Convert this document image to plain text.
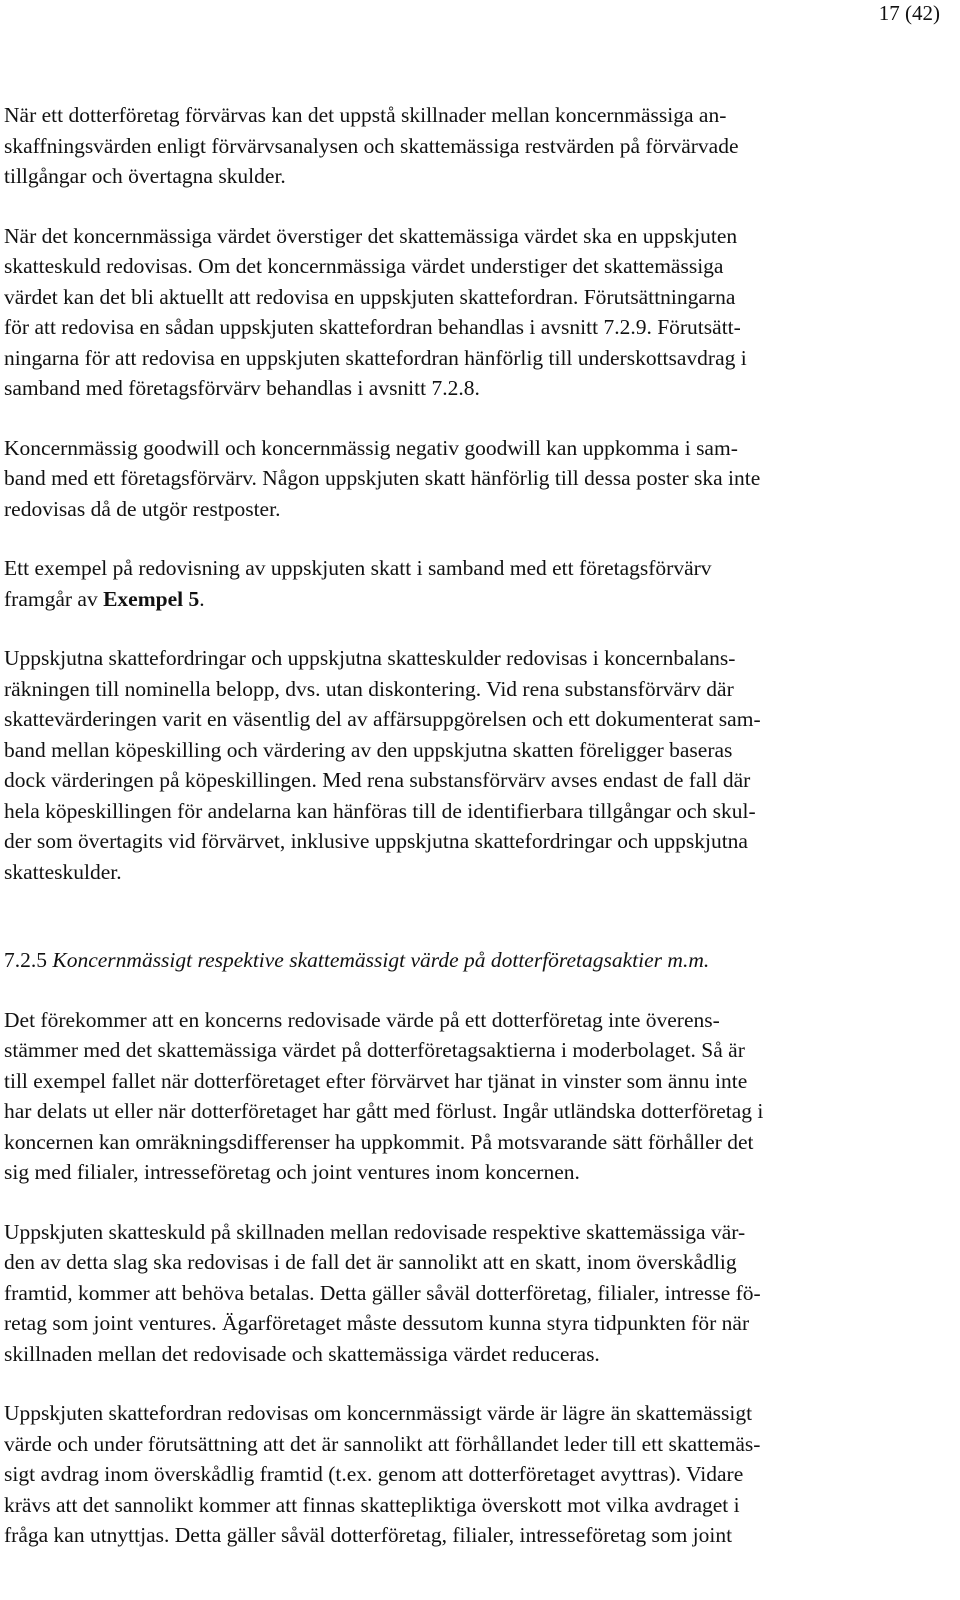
17 (42)

När ett dotterföretag förvärvas kan det uppstå skillnader mellan koncernmässiga an-
skaffningsvärden enligt förvärvsanalysen och skattemässiga restvärden på förvärvade
tillgångar och övertagna skulder.

När det koncernmässiga värdet överstiger det skattemässiga värdet ska en uppskjuten
skatteskuld redovisas. Om det koncernmässiga värdet understiger det skattemässiga
värdet kan det bli aktuellt att redovisa en uppskjuten skattefordran. Förutsättningarna
för att redovisa en sådan uppskjuten skattefordran behandlas i avsnitt 7.2.9. Förutsätt-
ningarna för att redovisa en uppskjuten skattefordran hänförlig till underskottsavdrag i
samband med företagsförvärv behandlas i avsnitt 7.2.8.

Koncernmässig goodwill och koncernmässig negativ goodwill kan uppkomma i sam-
band med ett företagsförvärv. Någon uppskjuten skatt hänförlig till dessa poster ska inte
redovisas då de utgör restposter.

Ett exempel på redovisning av uppskjuten skatt i samband med ett företagsförvärv
framgår av Exempel 5.

Uppskjutna skattefordringar och uppskjutna skatteskulder redovisas i koncernbalans-
räkningen till nominella belopp, dvs. utan diskontering. Vid rena substansförvärv där
skattevärderingen varit en väsentlig del av affärsuppgörelsen och ett dokumenterat sam-
band mellan köpeskilling och värdering av den uppskjutna skatten föreligger baseras
dock värderingen på köpeskillingen. Med rena substansförvärv avses endast de fall där
hela köpeskillingen för andelarna kan hänföras till de identifierbara tillgångar och skul-
der som övertagits vid förvärvet, inklusive uppskjutna skattefordringar och uppskjutna
skatteskulder.

7.2.5 Koncernmässigt respektive skattemässigt värde på dotterföretagsaktier m.m.

Det förekommer att en koncerns redovisade värde på ett dotterföretag inte överens-
stämmer med det skattemässiga värdet på dotterföretagsaktierna i moderbolaget. Så är
till exempel fallet när dotterföretaget efter förvärvet har tjänat in vinster som ännu inte
har delats ut eller när dotterföretaget har gått med förlust. Ingår utländska dotterföretag i
koncernen kan omräkningsdifferenser ha uppkommit. På motsvarande sätt förhåller det
sig med filialer, intresseföretag och joint ventures inom koncernen.

Uppskjuten skatteskuld på skillnaden mellan redovisade respektive skattemässiga vär-
den av detta slag ska redovisas i de fall det är sannolikt att en skatt, inom överskådlig
framtid, kommer att behöva betalas. Detta gäller såväl dotterföretag, filialer, intresse fö-
retag som joint ventures. Ägarföretaget måste dessutom kunna styra tidpunkten för när
skillnaden mellan det redovisade och skattemässiga värdet reduceras.

Uppskjuten skattefordran redovisas om koncernmässigt värde är lägre än skattemässigt
värde och under förutsättning att det är sannolikt att förhållandet leder till ett skattemäs-
sigt avdrag inom överskådlig framtid (t.ex. genom att dotterföretaget avyttras). Vidare
krävs att det sannolikt kommer att finnas skattepliktiga överskott mot vilka avdraget i
fråga kan utnyttjas. Detta gäller såväl dotterföretag, filialer, intresseföretag som joint
